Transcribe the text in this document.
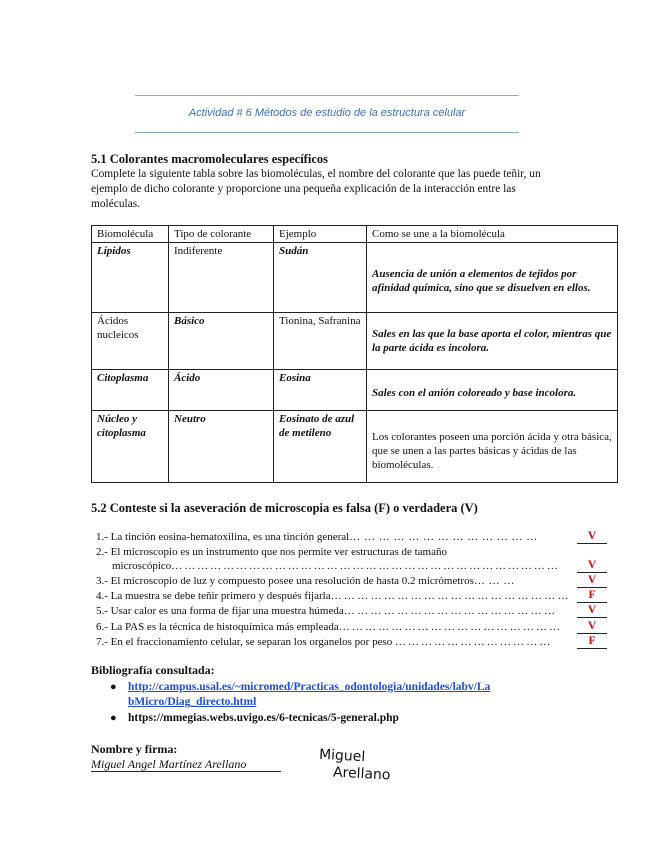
Actividad # 6 Métodos de estudio de la estructura celular
5.1 Colorantes macromoleculares específicos
Complete la siguiente tabla sobre las biomoléculas, el nombre del colorante que las puede teñir, un
ejemplo de dicho colorante y proporcione una pequeña explicación de la interacción entre las
moléculas.
Biomolécula	Tipo de colorante	Ejemplo	Como se une a la biomolécula
Lípidos	Indiferente	Sudán	Ausencia de unión a elementos de tejidos por afinidad química, sino que se disuelven en ellos.
Ácidos nucleicos	Básico	Tionina, Safranina	Sales en las que la base aporta el color, mientras que la parte ácida es incolora.
Citoplasma	Ácido	Eosina	Sales con el anión coloreado y base incolora.
Núcleo y citoplasma	Neutro	Eosinato de azul de metileno	Los colorantes poseen una porción ácida y otra básica, que se unen a las partes básicas y ácidas de las biomoléculas.
5.2 Conteste si la aseveración de microscopia es falsa (F) o verdadera (V)
1.- La tinción eosina-hematoxilina, es una tinción general… … … … … … … … … … … … …	V
2.- El microscopio es un instrumento que nos permite ver estructuras de tamaño
microscópico… … … … … … … … … … … … … … … … … … … … … … … … … … … … … …	V
3.- El microscopio de luz y compuesto posee una resolución de hasta 0.2 micrómetros… … …	V
4.- La muestra se debe teñir primero y después fijarla… … … … … … … … … … … … … … … … … …	F
5.- Usar calor es una forma de fijar una muestra húmeda… … … … … … … … … … … … … … … …	V
6.- La PAS es la técnica de histoquímica más empleada… … … … … … … … … … … … … … … … …	V
7.- En el fraccionamiento celular, se separan los organelos por peso … … … … … … … … … … … …	F
Bibliografía consultada:
● http://campus.usal.es/~micromed/Practicas_odontologia/unidades/labv/La
bMicro/Diag_directo.html
● https://mmegias.webs.uvigo.es/6-tecnicas/5-general.php
Nombre y firma:
Miguel Angel Martínez Arellano	Miguel
Arellano
